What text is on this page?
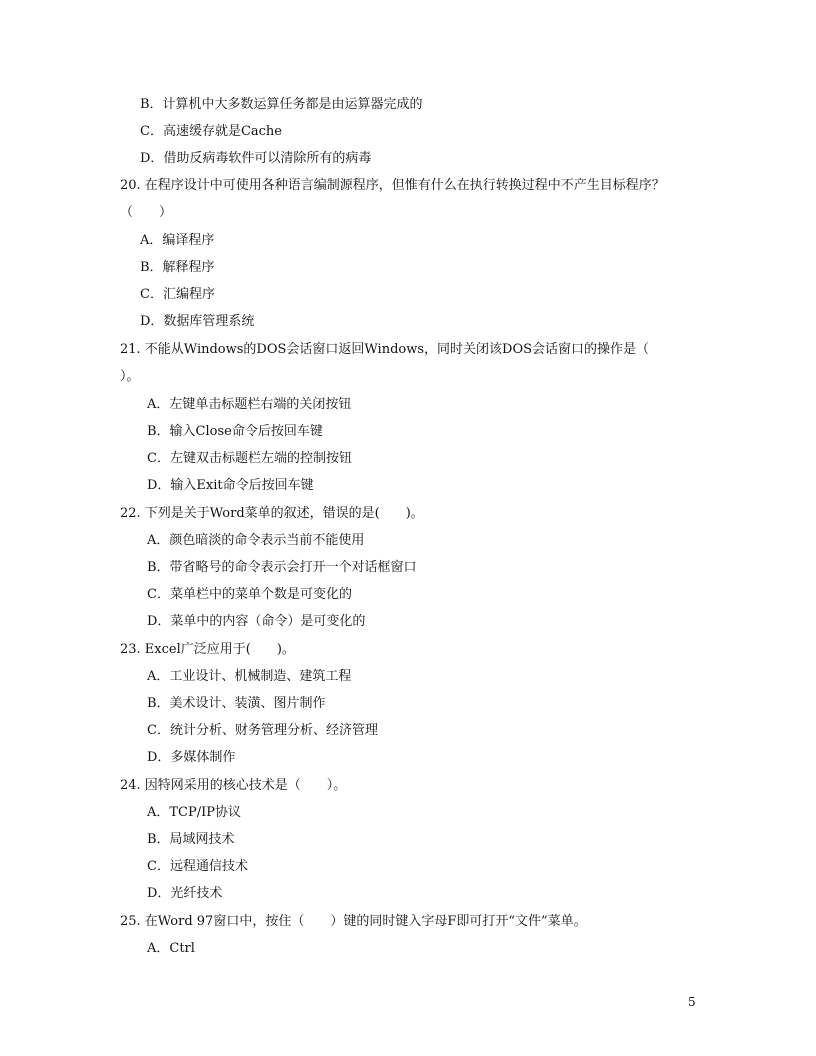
B．计算机中大多数运算任务都是由运算器完成的
C．高速缓存就是Cache
D．借助反病毒软件可以清除所有的病毒
20. 在程序设计中可使用各种语言编制源程序，但惟有什么在执行转换过程中不产生目标程序？
（　　）
A．编译程序
B．解释程序
C．汇编程序
D．数据库管理系统
21. 不能从Windows的DOS会话窗口返回Windows，同时关闭该DOS会话窗口的操作是（
）。
A．左键单击标题栏右端的关闭按钮
B．输入Close命令后按回车键
C．左键双击标题栏左端的控制按钮
D．输入Exit命令后按回车键
22. 下列是关于Word菜单的叙述，错误的是(　　)。
A．颜色暗淡的命令表示当前不能使用
B．带省略号的命令表示会打开一个对话框窗口
C．菜单栏中的菜单个数是可变化的
D．菜单中的内容（命令）是可变化的
23. Excel广泛应用于(　　)。
A．工业设计、机械制造、建筑工程
B．美术设计、装潢、图片制作
C．统计分析、财务管理分析、经济管理
D．多媒体制作
24. 因特网采用的核心技术是（　　）。
A．TCP/IP协议
B．局域网技术
C．远程通信技术
D．光纤技术
25. 在Word 97窗口中，按住（　　）键的同时键入字母F即可打开“文件”菜单。
A．Ctrl
5
